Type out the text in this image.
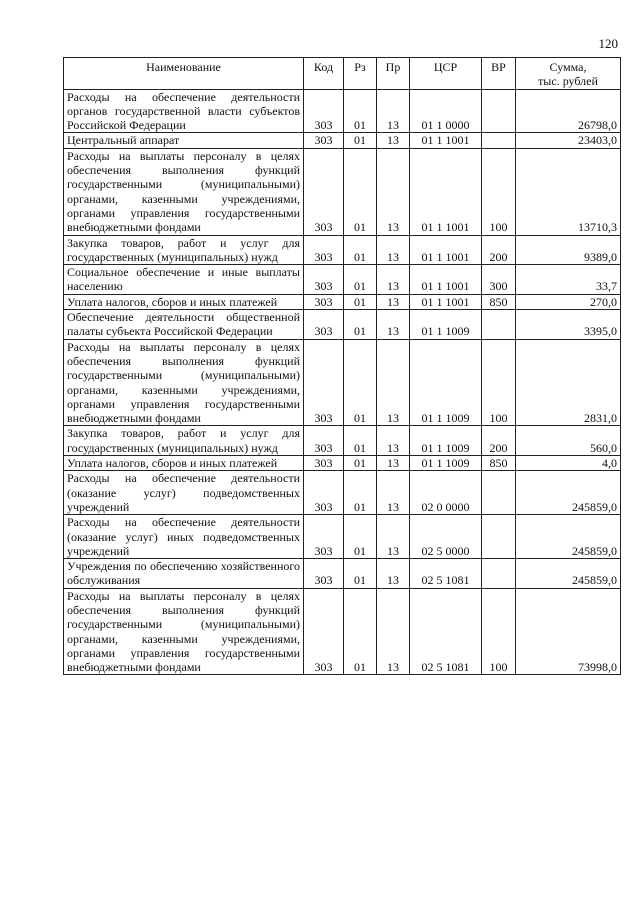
120
Наименование	Код	Рз	Пр	ЦСР	ВР	Сумма,
тыс. рублей
Расходы на обеспечение деятельности органов государственной власти субъектов Российской Федерации	303	01	13	01 1 0000		26798,0
Центральный аппарат	303	01	13	01 1 1001		23403,0
Расходы на выплаты персоналу в целях обеспечения выполнения функций государственными (муниципальными) органами, казенными учреждениями, органами управления государственными внебюджетными фондами	303	01	13	01 1 1001	100	13710,3
Закупка товаров, работ и услуг для государственных (муниципальных) нужд	303	01	13	01 1 1001	200	9389,0
Социальное обеспечение и иные выплаты населению	303	01	13	01 1 1001	300	33,7
Уплата налогов, сборов и иных платежей	303	01	13	01 1 1001	850	270,0
Обеспечение деятельности общественной палаты субъекта Российской Федерации	303	01	13	01 1 1009		3395,0
Расходы на выплаты персоналу в целях обеспечения выполнения функций государственными (муниципальными) органами, казенными учреждениями, органами управления государственными внебюджетными фондами	303	01	13	01 1 1009	100	2831,0
Закупка товаров, работ и услуг для государственных (муниципальных) нужд	303	01	13	01 1 1009	200	560,0
Уплата налогов, сборов и иных платежей	303	01	13	01 1 1009	850	4,0
Расходы на обеспечение деятельности (оказание услуг) подведомственных учреждений	303	01	13	02 0 0000		245859,0
Расходы на обеспечение деятельности (оказание услуг) иных подведомственных учреждений	303	01	13	02 5 0000		245859,0
Учреждения по обеспечению хозяйственного обслуживания	303	01	13	02 5 1081		245859,0
Расходы на выплаты персоналу в целях обеспечения выполнения функций государственными (муниципальными) органами, казенными учреждениями, органами управления государственными внебюджетными фондами	303	01	13	02 5 1081	100	73998,0
